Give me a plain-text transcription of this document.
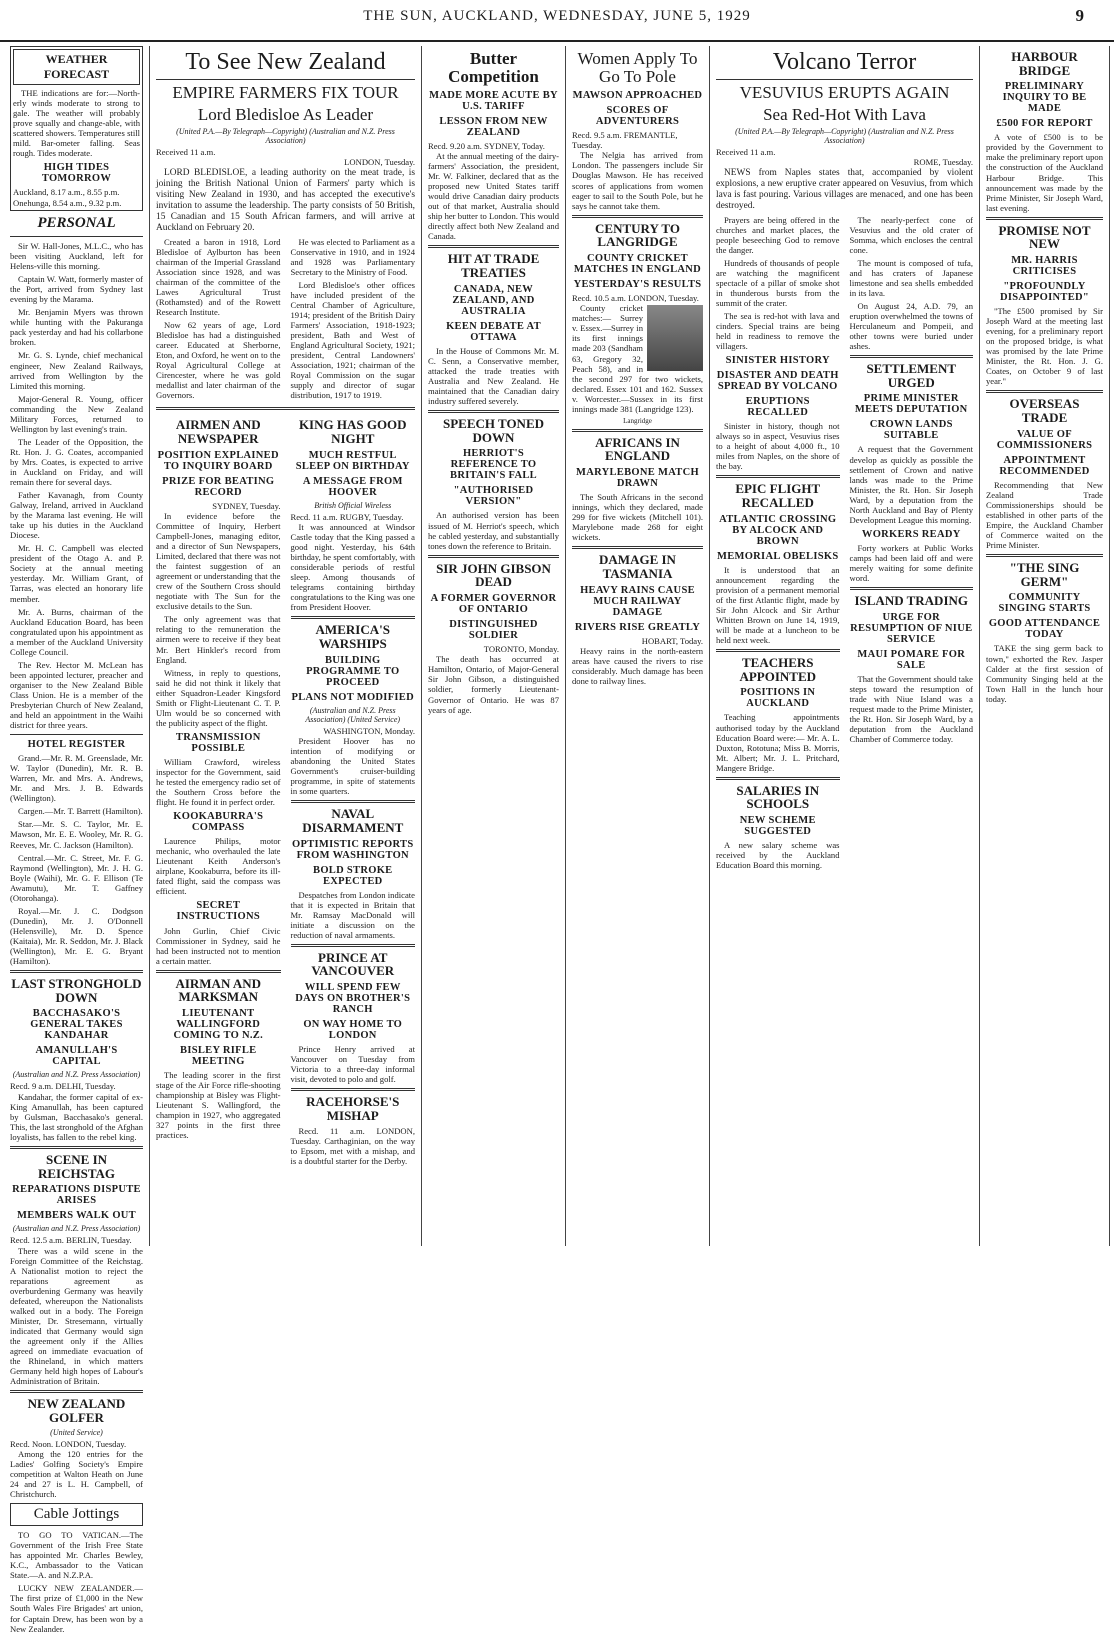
THE SUN, AUCKLAND, WEDNESDAY, JUNE 5, 1929	9
WEATHER FORECAST

THE indications are for:—North-erly winds moderate to strong to gale. The weather will probably prove squally and change-able, with scattered showers. Temperatures still mild. Bar-ometer falling. Seas rough. Tides moderate.

HIGH TIDES TOMORROW

Auckland, 8.17 a.m., 8.55 p.m.

Onehunga, 8.54 a.m., 9.32 p.m.

PERSONAL

Sir W. Hall-Jones, M.L.C., who has been visiting Auckland, left for Helens-ville this morning.

Captain W. Watt, formerly master of the Port, arrived from Sydney last evening by the Marama.

Mr. Benjamin Myers was thrown while hunting with the Pakuranga pack yesterday and had his collarbone broken.

Mr. G. S. Lynde, chief mechanical engineer, New Zealand Railways, arrived from Wellington by the Limited this morning.

Major-General R. Young, officer commanding the New Zealand Military Forces, returned to Wellington by last evening's train.

The Leader of the Opposition, the Rt. Hon. J. G. Coates, accompanied by Mrs. Coates, is expected to arrive in Auckland on Friday, and will remain there for several days.

Father Kavanagh, from County Galway, Ireland, arrived in Auckland by the Marama last evening. He will take up his duties in the Auckland Diocese.

Mr. H. C. Campbell was elected president of the Otago A. and P. Society at the annual meeting yesterday. Mr. William Grant, of Tarras, was elected an honorary life member.

Mr. A. Burns, chairman of the Auckland Education Board, has been congratulated upon his appointment as a member of the Auckland University College Council.

The Rev. Hector M. McLean has been appointed lecturer, preacher and organiser to the New Zealand Bible Class Union. He is a member of the Presbyterian Church of New Zealand, and held an appointment in the Waihi district for three years.

HOTEL REGISTER

Grand.—Mr. R. M. Greenslade, Mr. W. Taylor (Dunedin), Mr. R. B. Warren, Mr. and Mrs. A. Andrews, Mr. and Mrs. J. B. Edwards (Wellington).

Cargen.—Mr. T. Barrett (Hamilton).

Star.—Mr. S. C. Taylor, Mr. E. Mawson, Mr. E. E. Wooley, Mr. R. G. Reeves, Mr. C. Jackson (Hamilton).

Central.—Mr. C. Street, Mr. F. G. Raymond (Wellington), Mr. J. H. G. Boyle (Waihi), Mr. G. F. Ellison (Te Awamutu), Mr. T. Gaffney (Otorohanga).

Royal.—Mr. J. C. Dodgson (Dunedin), Mr. J. O'Donnell (Helensville), Mr. D. Spence (Kaitaia), Mr. R. Seddon, Mr. J. Black (Wellington), Mr. E. G. Bryant (Hamilton).

LAST STRONGHOLD DOWN
BACCHASAKO'S GENERAL TAKES KANDAHAR
AMANULLAH'S CAPITAL
(Australian and N.Z. Press Association)

Recd. 9 a.m. DELHI, Tuesday.

Kandahar, the former capital of ex-King Amanullah, has been captured by Gulsman, Bacchasako's general. This, the last stronghold of the Afghan loyalists, has fallen to the rebel king.

SCENE IN REICHSTAG
REPARATIONS DISPUTE ARISES
MEMBERS WALK OUT
(Australian and N.Z. Press Association)

Recd. 12.5 a.m. BERLIN, Tuesday.

There was a wild scene in the Foreign Committee of the Reichstag. A Nationalist motion to reject the reparations agreement as overburdening Germany was heavily defeated, whereupon the Nationalists walked out in a body. The Foreign Minister, Dr. Stresemann, virtually indicated that Germany would sign the agreement only if the Allies agreed on immediate evacuation of the Rhineland, in which matters Germany held high hopes of Labour's Administration of Britain.

NEW ZEALAND GOLFER
(United Service)

Recd. Noon. LONDON, Tuesday.

Among the 120 entries for the Ladies' Golfing Society's Empire competition at Walton Heath on June 24 and 27 is L. H. Campbell, of Christchurch.

Cable Jottings

TO GO TO VATICAN.—The Government of the Irish Free State has appointed Mr. Charles Bewley, K.C., Ambassador to the Vatican State.—A. and N.Z.P.A.

LUCKY NEW ZEALANDER.—The first prize of £1,000 in the New South Wales Fire Brigades' art union, for Captain Drew, has been won by a New Zealander.

To See New Zealand
EMPIRE FARMERS FIX TOUR
Lord Bledisloe As Leader
(United P.A.—By Telegraph—Copyright) (Australian and N.Z. Press Association)

Received 11 a.m.

LONDON, Tuesday.

LORD BLEDISLOE, a leading authority on the meat trade, is joining the British National Union of Farmers' party which is visiting New Zealand in 1930, and has accepted the executive's invitation to assume the leadership. The party consists of 50 British, 15 Canadian and 15 South African farmers, and will arrive at Auckland on February 20.

Created a baron in 1918, Lord Bledisloe of Aylburton has been chairman of the Imperial Grassland Association since 1928, and was chairman of the committee of the Lawes Agricultural Trust (Rothamsted) and of the Rowett Research Institute.

Now 62 years of age, Lord Bledisloe has had a distinguished career. Educated at Sherborne, Eton, and Oxford, he went on to the Royal Agricultural College at Cirencester, where he was gold medallist and later chairman of the Governors.

He was elected to Parliament as a Conservative in 1910, and in 1924 and 1928 was Parliamentary Secretary to the Ministry of Food.

Lord Bledisloe's other offices have included president of the Central Chamber of Agriculture, 1914; president of the British Dairy Farmers' Association, 1918-1923; president, Bath and West of England Agricultural Society, 1921; president, Central Landowners' Association, 1921; chairman of the Royal Commission on the sugar supply and director of sugar distribution, 1917 to 1919.

AIRMEN AND NEWSPAPER
POSITION EXPLAINED TO INQUIRY BOARD
PRIZE FOR BEATING RECORD

SYDNEY, Tuesday.

In evidence before the Committee of Inquiry, Herbert Campbell-Jones, managing editor, and a director of Sun Newspapers, Limited, declared that there was not the faintest suggestion of an agreement or understanding that the crew of the Southern Cross should negotiate with The Sun for the exclusive details to the Sun.

The only agreement was that relating to the remuneration the airmen were to receive if they beat Mr. Bert Hinkler's record from England.

Witness, in reply to questions, said he did not think it likely that either Squadron-Leader Kingsford Smith or Flight-Lieutenant C. T. P. Ulm would be so concerned with the publicity aspect of the flight.

TRANSMISSION POSSIBLE

William Crawford, wireless inspector for the Government, said he tested the emergency radio set of the Southern Cross before the flight. He found it in perfect order.

KOOKABURRA'S COMPASS

Laurence Philips, motor mechanic, who overhauled the late Lieutenant Keith Anderson's airplane, Kookaburra, before its ill-fated flight, said the compass was efficient.

SECRET INSTRUCTIONS

John Gurlin, Chief Civic Commissioner in Sydney, said he had been instructed not to mention a certain matter.

AIRMAN AND MARKSMAN
LIEUTENANT WALLINGFORD COMING TO N.Z.
BISLEY RIFLE MEETING

The leading scorer in the first stage of the Air Force rifle-shooting championship at Bisley was Flight-Lieutenant S. Wallingford, the champion in 1927, who aggregated 327 points in the first three practices.

KING HAS GOOD NIGHT
MUCH RESTFUL SLEEP ON BIRTHDAY
A MESSAGE FROM HOOVER
British Official Wireless

Recd. 11 a.m. RUGBY, Tuesday.

It was announced at Windsor Castle today that the King passed a good night. Yesterday, his 64th birthday, he spent comfortably, with considerable periods of restful sleep. Among thousands of telegrams containing birthday congratulations to the King was one from President Hoover.

AMERICA'S WARSHIPS
BUILDING PROGRAMME TO PROCEED
PLANS NOT MODIFIED
(Australian and N.Z. Press Association) (United Service)

WASHINGTON, Monday.

President Hoover has no intention of modifying or abandoning the United States Government's cruiser-building programme, in spite of statements in some quarters.

NAVAL DISARMAMENT
OPTIMISTIC REPORTS FROM WASHINGTON
BOLD STROKE EXPECTED

Despatches from London indicate that it is expected in Britain that Mr. Ramsay MacDonald will initiate a discussion on the reduction of naval armaments.

PRINCE AT VANCOUVER
WILL SPEND FEW DAYS ON BROTHER'S RANCH
ON WAY HOME TO LONDON

Prince Henry arrived at Vancouver on Tuesday from Victoria to a three-day informal visit, devoted to polo and golf.

RACEHORSE'S MISHAP

Recd. 11 a.m. LONDON, Tuesday. Carthaginian, on the way to Epsom, met with a mishap, and is a doubtful starter for the Derby.

Butter Competition
MADE MORE ACUTE BY U.S. TARIFF
LESSON FROM NEW ZEALAND

Recd. 9.20 a.m. SYDNEY, Today.

At the annual meeting of the dairy-farmers' Association, the president, Mr. W. Falkiner, declared that as the proposed new United States tariff would drive Canadian dairy products out of that market, Australia should ship her butter to London. This would directly affect both New Zealand and Canada.

HIT AT TRADE TREATIES
CANADA, NEW ZEALAND, AND AUSTRALIA
KEEN DEBATE AT OTTAWA

In the House of Commons Mr. M. C. Senn, a Conservative member, attacked the trade treaties with Australia and New Zealand. He maintained that the Canadian dairy industry suffered severely.

SPEECH TONED DOWN
HERRIOT'S REFERENCE TO BRITAIN'S FALL
"AUTHORISED VERSION"

An authorised version has been issued of M. Herriot's speech, which he cabled yesterday, and substantially tones down the reference to Britain.

SIR JOHN GIBSON DEAD
A FORMER GOVERNOR OF ONTARIO
DISTINGUISHED SOLDIER

TORONTO, Monday.

The death has occurred at Hamilton, Ontario, of Major-General Sir John Gibson, a distinguished soldier, formerly Lieutenant-Governor of Ontario. He was 87 years of age.

Women Apply To Go To Pole
MAWSON APPROACHED
SCORES OF ADVENTURERS

Recd. 9.5 a.m. FREMANTLE, Tuesday.

The Nelgia has arrived from London. The passengers include Sir Douglas Mawson. He has received scores of applications from women eager to sail to the South Pole, but he says he cannot take them.

CENTURY TO LANGRIDGE
COUNTY CRICKET MATCHES IN ENGLAND
YESTERDAY'S RESULTS

Recd. 10.5 a.m. LONDON, Tuesday.

County cricket matches:— Surrey v. Essex.—Surrey in its first innings made 203 (Sandham 63, Gregory 32, Peach 58), and in the second 297 for two wickets, declared. Essex 101 and 162. Sussex v. Worcester.—Sussex in its first innings made 381 (Langridge 123).

Langridge
AFRICANS IN ENGLAND
MARYLEBONE MATCH DRAWN

The South Africans in the second innings, which they declared, made 299 for five wickets (Mitchell 101). Marylebone made 268 for eight wickets.

DAMAGE IN TASMANIA
HEAVY RAINS CAUSE MUCH RAILWAY DAMAGE
RIVERS RISE GREATLY

HOBART, Today.

Heavy rains in the north-eastern areas have caused the rivers to rise considerably. Much damage has been done to railway lines.

Volcano Terror
VESUVIUS ERUPTS AGAIN
Sea Red-Hot With Lava
(United P.A.—By Telegraph—Copyright) (Australian and N.Z. Press Association)

Received 11 a.m.

ROME, Tuesday.

NEWS from Naples states that, accompanied by violent explosions, a new eruptive crater appeared on Vesuvius, from which lava is fast pouring. Various villages are menaced, and one has been destroyed.

Prayers are being offered in the churches and market places, the people beseeching God to remove the danger.

Hundreds of thousands of people are watching the magnificent spectacle of a pillar of smoke shot in thunderous bursts from the summit of the crater.

The sea is red-hot with lava and cinders. Special trains are being held in readiness to remove the villagers.

SINISTER HISTORY
DISASTER AND DEATH SPREAD BY VOLCANO
ERUPTIONS RECALLED

Sinister in history, though not always so in aspect, Vesuvius rises to a height of about 4,000 ft., 10 miles from Naples, on the shore of the bay.

EPIC FLIGHT RECALLED
ATLANTIC CROSSING BY ALCOCK AND BROWN
MEMORIAL OBELISKS

It is understood that an announcement regarding the provision of a permanent memorial of the first Atlantic flight, made by Sir John Alcock and Sir Arthur Whitten Brown on June 14, 1919, will be made at a luncheon to be held next week.

TEACHERS APPOINTED
POSITIONS IN AUCKLAND

Teaching appointments authorised today by the Auckland Education Board were:— Mr. A. L. Duxton, Rototuna; Miss B. Morris, Mt. Albert; Mr. J. L. Pritchard, Mangere Bridge.

SALARIES IN SCHOOLS
NEW SCHEME SUGGESTED

A new salary scheme was received by the Auckland Education Board this morning.

The nearly-perfect cone of Vesuvius and the old crater of Somma, which encloses the central cone.

The mount is composed of tufa, and has craters of Japanese limestone and sea shells embedded in its lava.

On August 24, A.D. 79, an eruption overwhelmed the towns of Herculaneum and Pompeii, and other towns were buried under ashes.

SETTLEMENT URGED
PRIME MINISTER MEETS DEPUTATION
CROWN LANDS SUITABLE

A request that the Government develop as quickly as possible the settlement of Crown and native lands was made to the Prime Minister, the Rt. Hon. Sir Joseph Ward, by a deputation from the North Auckland and Bay of Plenty Development League this morning.

WORKERS READY

Forty workers at Public Works camps had been laid off and were merely waiting for some definite word.

ISLAND TRADING
URGE FOR RESUMPTION OF NIUE SERVICE
MAUI POMARE FOR SALE

That the Government should take steps toward the resumption of trade with Niue Island was a request made to the Prime Minister, the Rt. Hon. Sir Joseph Ward, by a deputation from the Auckland Chamber of Commerce today.

HARBOUR BRIDGE
PRELIMINARY INQUIRY TO BE MADE
£500 FOR REPORT

A vote of £500 is to be provided by the Government to make the preliminary report upon the construction of the Auckland Harbour Bridge. This announcement was made by the Prime Minister, Sir Joseph Ward, last evening.

PROMISE NOT NEW
MR. HARRIS CRITICISES
"PROFOUNDLY DISAPPOINTED"

"The £500 promised by Sir Joseph Ward at the meeting last evening, for a preliminary report on the proposed bridge, is what was promised by the late Prime Minister, the Rt. Hon. J. G. Coates, on October 9 of last year."

OVERSEAS TRADE
VALUE OF COMMISSIONERS
APPOINTMENT RECOMMENDED

Recommending that New Zealand Trade Commissionerships should be established in other parts of the Empire, the Auckland Chamber of Commerce waited on the Prime Minister.

"THE SING GERM"
COMMUNITY SINGING STARTS
GOOD ATTENDANCE TODAY

TAKE the sing germ back to town," exhorted the Rev. Jasper Calder at the first session of Community Singing held at the Town Hall in the lunch hour today.
